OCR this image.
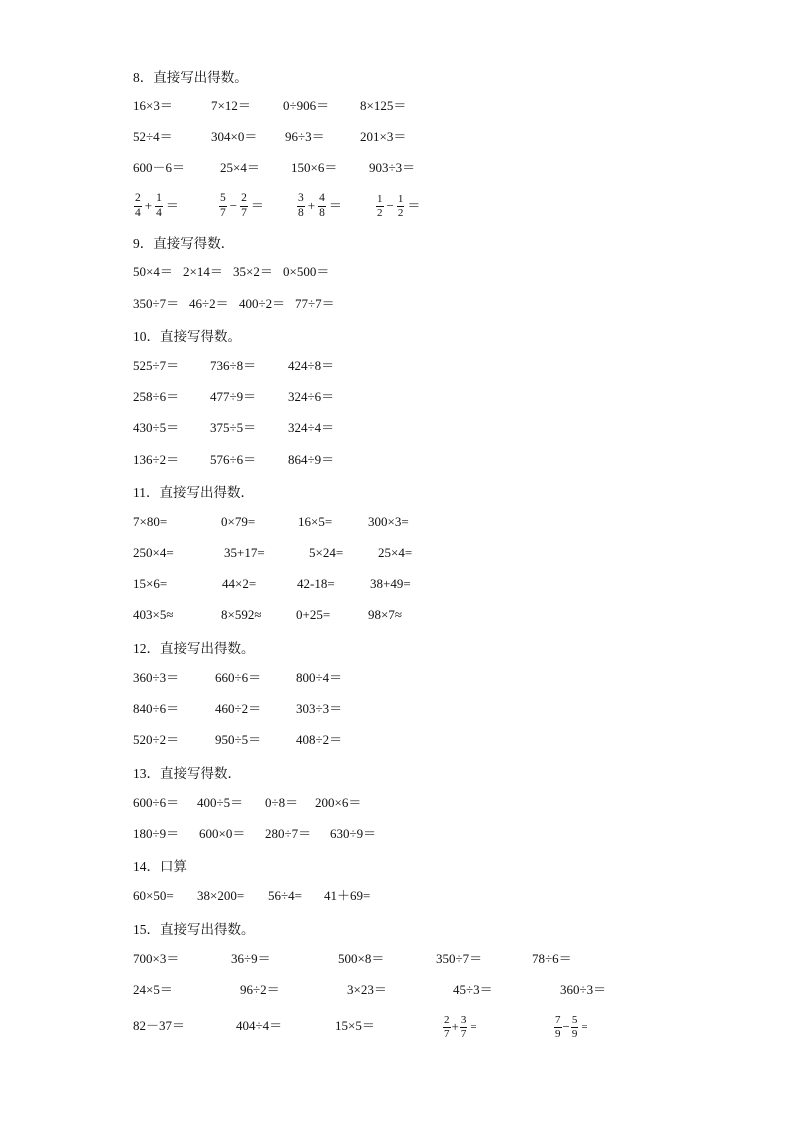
8．直接写出得数。
16×3＝	7×12＝ 0÷906＝ 8×125＝
52÷4＝	304×0＝ 96÷3＝	201×3＝
600－6＝	25×4＝ 150×6＝ 903÷3＝
$\frac{2}{4} + \frac{1}{4}$ ＝	$\frac{5}{7} - \frac{2}{7}$ ＝	$\frac{3}{8} + \frac{4}{8}$ ＝	$\frac{1}{2} - \frac{1}{2}$ ＝
9．直接写得数．
50×4＝ 2×14＝ 35×2＝ 0×500＝
350÷7＝ 46÷2＝ 400÷2＝ 77÷7＝
10．直接写得数。
525÷7＝ 736÷8＝ 424÷8＝
258÷6＝ 477÷9＝ 324÷6＝
430÷5＝ 375÷5＝ 324÷4＝
136÷2＝ 576÷6＝ 864÷9＝
11．直接写出得数．
7×80=	0×79=	16×5=	300×3=
250×4=	35+17=	5×24=	25×4=
15×6=	44×2=	42-18=	38+49=
403×5≈	8×592≈	0+25=	98×7≈
12．直接写出得数。
360÷3＝	660÷6＝	800÷4＝
840÷6＝	460÷2＝	303÷3＝
520÷2＝	950÷5＝	408÷2＝
13．直接写得数．
600÷6＝ 400÷5＝ 0÷8＝ 200×6＝
180÷9＝ 600×0＝ 280÷7＝ 630÷9＝
14．口算
60×50= 38×200= 56÷4= 41＋69=
15．直接写出得数。
700×3＝	36÷9＝	500×8＝	350÷7＝	78÷6＝
24×5＝	96÷2＝	3×23＝	45÷3＝	360÷3＝
82－37＝	404÷4＝	15×5＝	$\frac{2}{7} + \frac{3}{7}$ =	$\frac{7}{9} - \frac{5}{9}$ =
